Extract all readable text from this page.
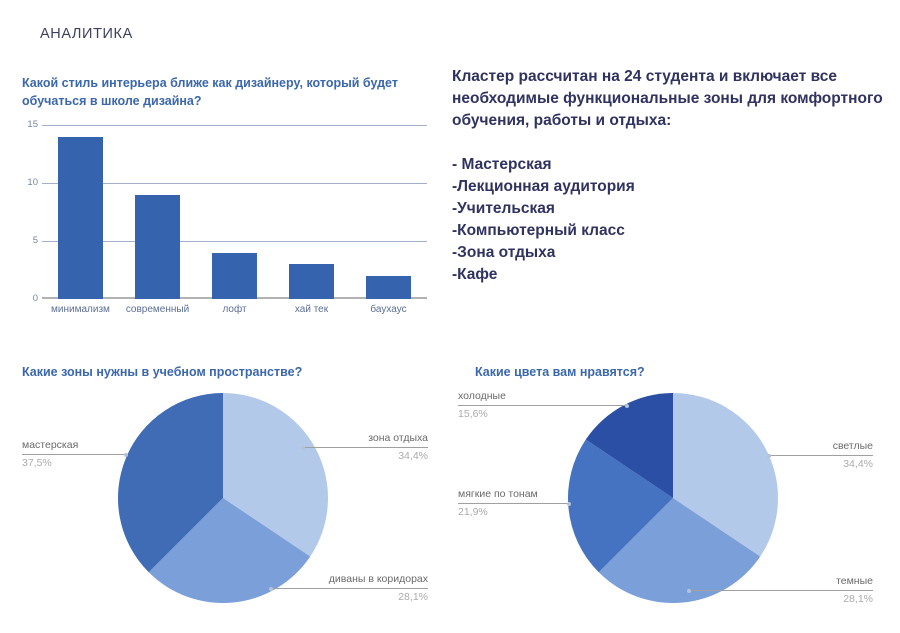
АНАЛИТИКА
Какой стиль интерьера ближе как дизайнеру, который будет обучаться в школе дизайна?
0
5
10
15
минимализм	современный	лофт	хай тек	баухаус
Кластер рассчитан на 24 студента и включает все необходимые функциональные зоны для комфортного обучения, работы и отдыха:
- Мастерская
-Лекционная аудитория
-Учительская
-Компьютерный класс
-Зона отдыха
-Кафе
Какие зоны нужны в учебном пространстве?
мастерская
37,5%
зона отдыха
34,4%
диваны в коридорах
28,1%
Какие цвета вам нравятся?
холодные
15,6%
светлые
34,4%
мягкие по тонам
21,9%
темные
28,1%
